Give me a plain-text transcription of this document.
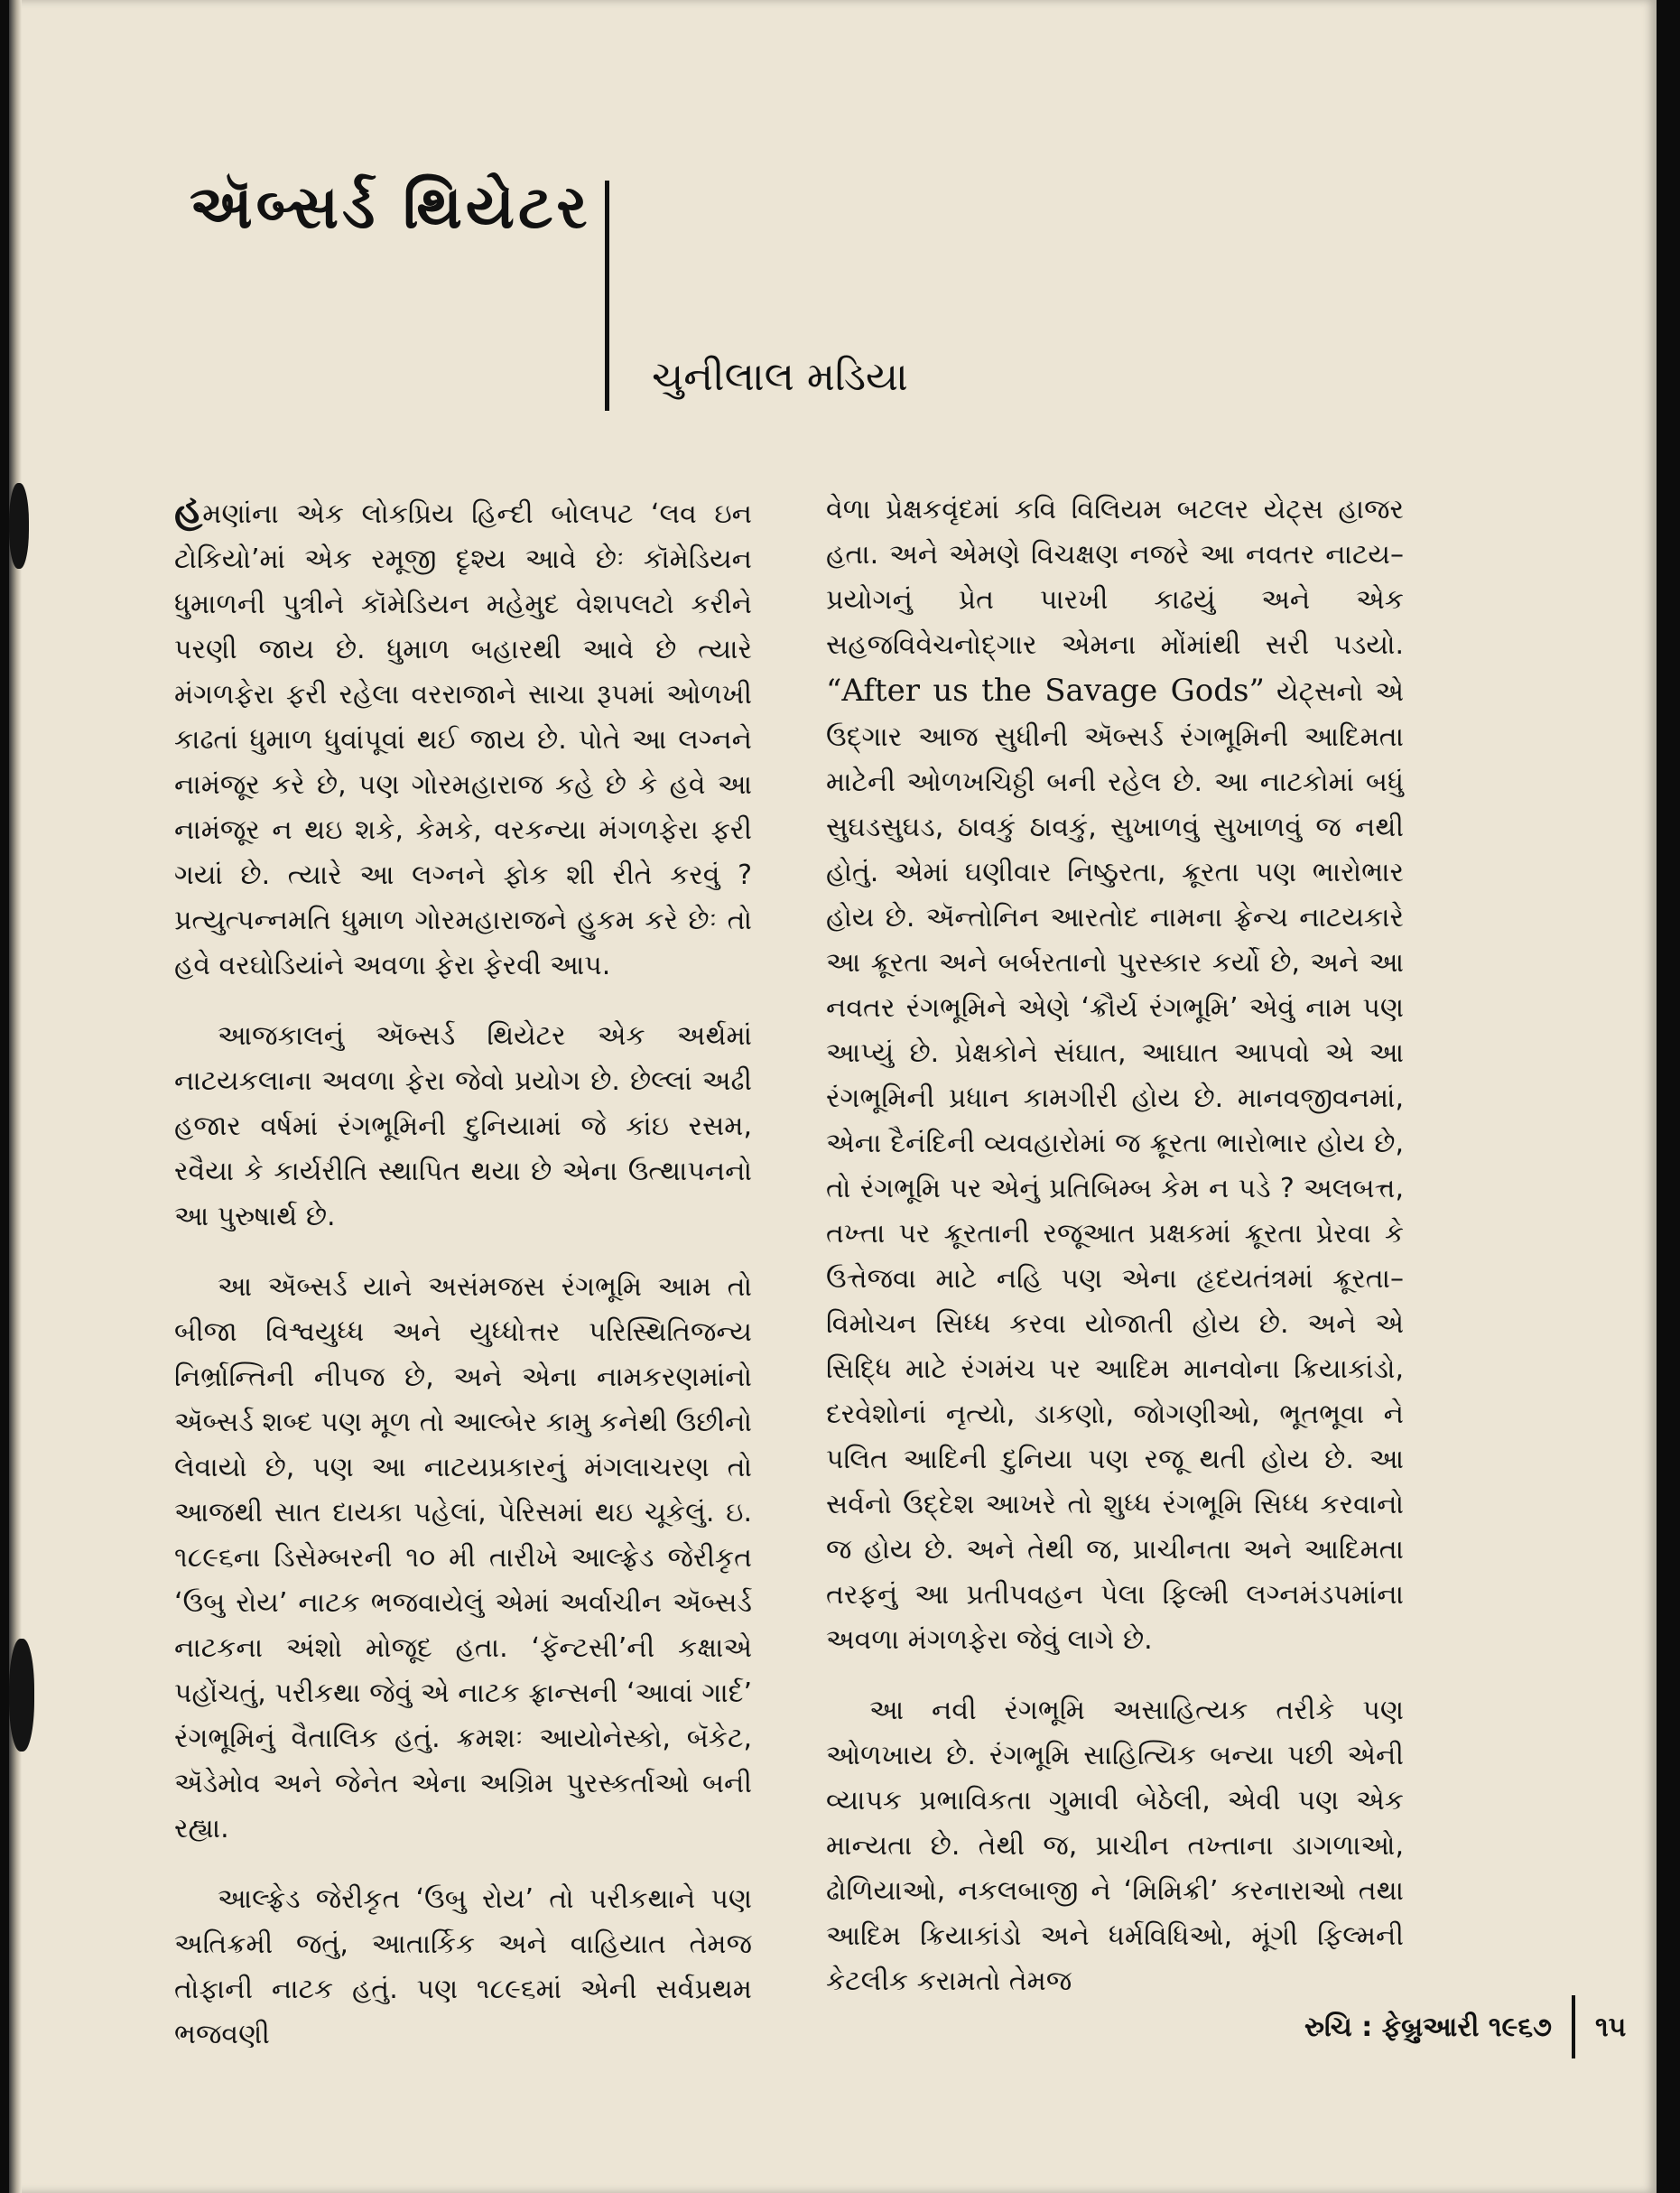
ઍબ્સર્ડ થિયેટર
ચુનીલાલ મડિયા

હમણાંના એક લોકપ્રિય હિન્દી બોલપટ ‘લવ ઇન ટોકિયો’માં એક રમૂજી દૃશ્ય આવે છેઃ કૉમેડિયન ધુમાળની પુત્રીને કૉમેડિયન મહેમુદ વેશપલટો કરીને પરણી જાય છે. ધુમાળ બહારથી આવે છે ત્યારે મંગળફેરા ફરી રહેલા વરરાજાને સાચા રૂપમાં ઓળખી કાઢતાં ધુમાળ ધુવાંપૂવાં થઈ જાય છે. પોતે આ લગ્નને નામંજૂર કરે છે, પણ ગોરમહારાજ કહે છે કે હવે આ નામંજૂર ન થઇ શકે, કેમકે, વરકન્યા મંગળફેરા ફરી ગયાં છે. ત્યારે આ લગ્નને ફોક શી રીતે કરવું ? પ્રત્યુત્પન્નમતિ ધુમાળ ગોરમહારાજને હુકમ કરે છેઃ તો હવે વરઘોડિયાંને અવળા ફેરા ફેરવી આપ.

આજકાલનું ઍબ્સર્ડ થિયેટર એક અર્થમાં નાટયકલાના અવળા ફેરા જેવો પ્રયોગ છે. છેલ્લાં અઢી હજાર વર્ષમાં રંગભૂમિની દુનિયામાં જે કાંઇ રસમ, રવૈયા કે કાર્યરીતિ સ્થાપિત થયા છે એના ઉત્થાપનનો આ પુરુષાર્થ છે.

આ ઍબ્સર્ડ યાને અસંમજસ રંગભૂમિ આમ તો બીજા વિશ્વયુધ્ધ અને યુધ્ધોત્તર પરિસ્થિતિજન્ય નિર્ભ્રાન્તિની નીપજ છે, અને એના નામકરણમાંનો ઍબ્સર્ડ શબ્દ પણ મૂળ તો આલ્બેર કામુ કનેથી ઉછીનો લેવાયો છે, પણ આ નાટયપ્રકારનું મંગલાચરણ તો આજથી સાત દાયકા પહેલાં, પેરિસમાં થઇ ચૂકેલું. ઇ. ૧૮૯૬ના ડિસેમ્બરની ૧૦ મી તારીખે આલ્ફ્રેડ જેરીકૃત ‘ઉબુ રોય’ નાટક ભજવાયેલું એમાં અર્વાચીન ઍબ્સર્ડ નાટકના અંશો મોજૂદ હતા. ‘ફૅન્ટસી’ની કક્ષાએ પહોંચતું, પરીકથા જેવું એ નાટક ફ્રાન્સની ‘આવાં ગાર્દ’ રંગભૂમિનું વૈતાલિક હતું. ક્રમશઃ આયોનેસ્કો, બૅકેટ, ઍડેમોવ અને જેનેત એના અગ્રિમ પુરસ્કર્તાઓ બની રહ્યા.

આલ્ફ્રેડ જેરીકૃત ‘ઉબુ રોય’ તો પરીકથાને પણ અતિક્રમી જતું, આતાર્કિક અને વાહિયાત તેમજ તોફાની નાટક હતું. પણ ૧૮૯૬માં એની સર્વપ્રથમ ભજવણી

વેળા પ્રેક્ષકવૃંદમાં કવિ વિલિયમ બટલર યેટ્સ હાજર હતા. અને એમણે વિચક્ષણ નજરે આ નવતર નાટય–પ્રયોગનું પ્રેત પારખી કાઢયું અને એક સહજવિવેચનોદ્ગાર એમના મોંમાંથી સરી પડયો. “After us the Savage Gods” યેટ્સનો એ ઉદ્ગાર આજ સુધીની ઍબ્સર્ડ રંગભૂમિની આદિમતા માટેની ઓળખચિઠ્ઠી બની રહેલ છે. આ નાટકોમાં બધું સુઘડસુઘડ, ઠાવકું ઠાવકું, સુખાળવું સુખાળવું જ નથી હોતું. એમાં ઘણીવાર નિષ્ઠુરતા, ક્રૂરતા પણ ભારોભાર હોય છે. ઍન્તોનિન આરતોદ નામના ફ્રેન્ચ નાટયકારે આ ક્રૂરતા અને બર્બરતાનો પુરસ્કાર કર્યો છે, અને આ નવતર રંગભૂમિને એણે ‘ક્રૌર્ય રંગભૂમિ’ એવું નામ પણ આપ્યું છે. પ્રેક્ષકોને સંઘાત, આઘાત આપવો એ આ રંગભૂમિની પ્રધાન કામગીરી હોય છે. માનવજીવનમાં, એના દૈનંદિની વ્યવહારોમાં જ ક્રૂરતા ભારોભાર હોય છે, તો રંગભૂમિ પર એનું પ્રતિબિમ્બ કેમ ન પડે ? અલબત્ત, તખ્તા પર ક્રૂરતાની રજૂઆત પ્રક્ષકમાં ક્રૂરતા પ્રેરવા કે ઉત્તેજવા માટે નહિ પણ એના હૃદયતંત્રમાં ક્રૂરતા–વિમોચન સિધ્ધ કરવા યોજાતી હોય છે. અને એ સિદ્ધિ માટે રંગમંચ પર આદિમ માનવોના ક્રિયાકાંડો, દરવેશોનાં નૃત્યો, ડાકણો, જોગણીઓ, ભૂતભૂવા ને પલિત આદિની દુનિયા પણ રજૂ થતી હોય છે. આ સર્વનો ઉદ્દેશ આખરે તો શુધ્ધ રંગભૂમિ સિધ્ધ કરવાનો જ હોય છે. અને તેથી જ, પ્રાચીનતા અને આદિમતા તરફનું આ પ્રતીપવહન પેલા ફિલ્મી લગ્નમંડપમાંના અવળા મંગળફેરા જેવું લાગે છે.

આ નવી રંગભૂમિ અસાહિત્યક તરીકે પણ ઓળખાય છે. રંગભૂમિ સાહિત્યિક બન્યા પછી એની વ્યાપક પ્રભાવિકતા ગુમાવી બેઠેલી, એવી પણ એક માન્યતા છે. તેથી જ, પ્રાચીન તખ્તાના ડાગળાઓ, ઢોળિયાઓ, નકલબાજી ને ‘મિમિક્રી’ કરનારાઓ તથા આદિમ ક્રિયાકાંડો અને ધર્મવિધિઓ, મૂંગી ફિલ્મની કેટલીક કરામતો તેમજ

રુચિ : ફેબ્રુઆરી ૧૯૬૭ ૧૫
